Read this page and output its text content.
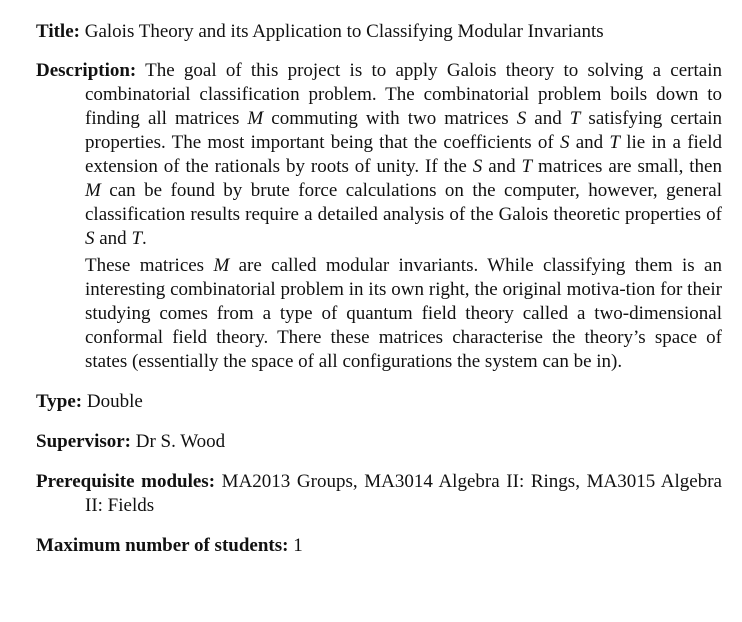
Title: Galois Theory and its Application to Classifying Modular Invariants

Description: The goal of this project is to apply Galois theory to solving a certain combinatorial classification problem. The combinatorial problem boils down to finding all matrices M commuting with two matrices S and T satisfying certain properties. The most important being that the coefficients of S and T lie in a field extension of the rationals by roots of unity. If the S and T matrices are small, then M can be found by brute force calculations on the computer, however, general classification results require a detailed analysis of the Galois theoretic properties of S and T.

These matrices M are called modular invariants. While classifying them is an interesting combinatorial problem in its own right, the original motiva-tion for their studying comes from a type of quantum field theory called a two-dimensional conformal field theory. There these matrices characterise the theory’s space of states (essentially the space of all configurations the system can be in).

Type: Double

Supervisor: Dr S. Wood

Prerequisite modules: MA2013 Groups, MA3014 Algebra II: Rings, MA3015 Algebra II: Fields

Maximum number of students: 1
